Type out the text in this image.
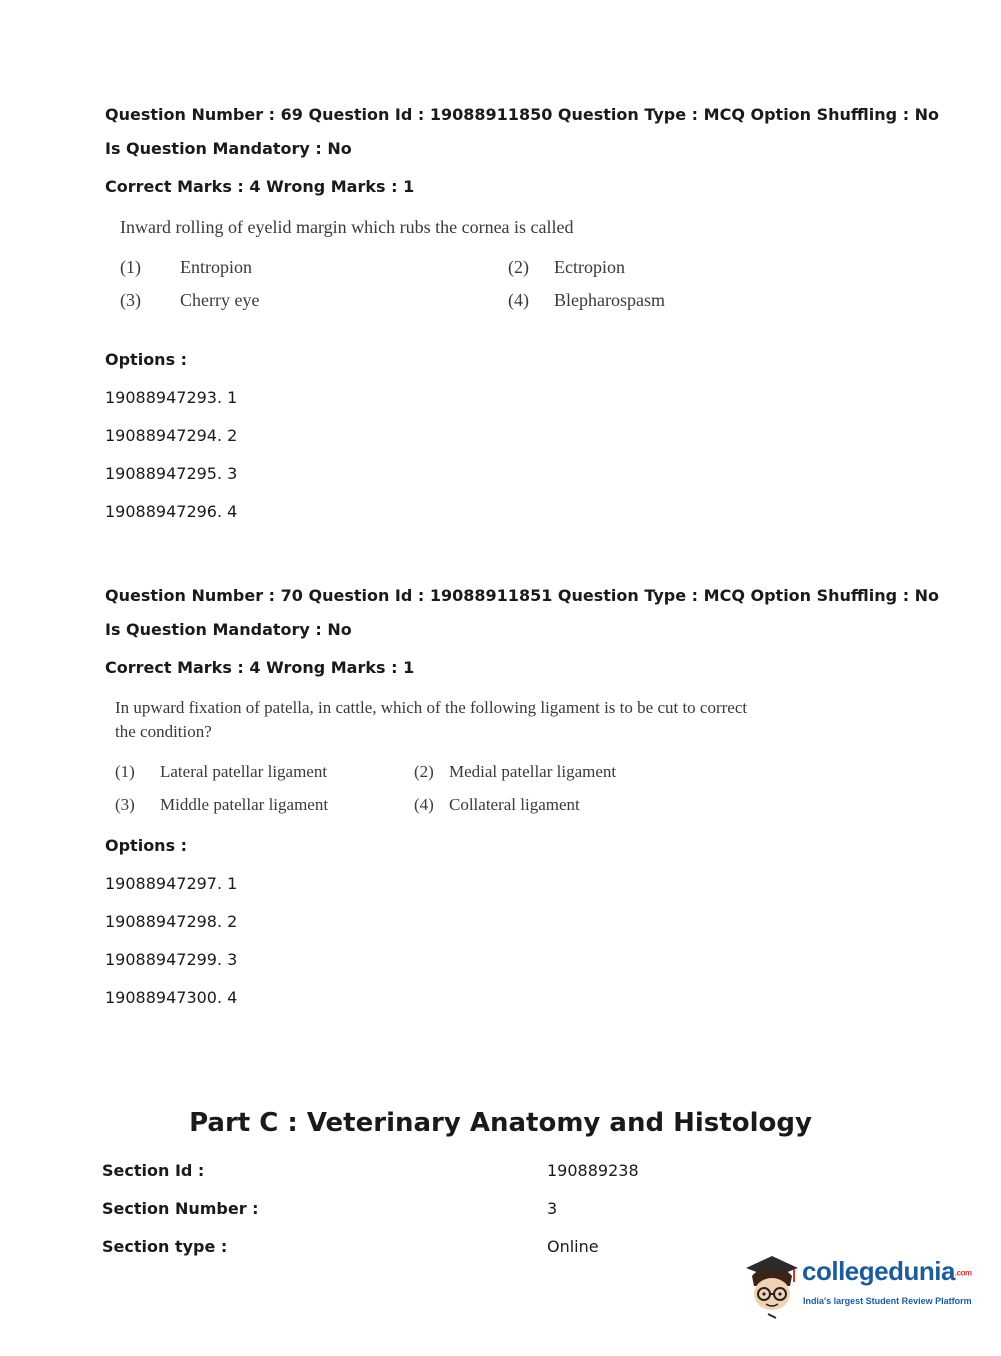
Question Number : 69 Question Id : 19088911850 Question Type : MCQ Option Shuffling : No
Is Question Mandatory : No
Correct Marks : 4 Wrong Marks : 1
Inward rolling of eyelid margin which rubs the cornea is called
(1) Entropion	(2) Ectropion
(3) Cherry eye	(4) Blepharospasm
Options :
19088947293. 1
19088947294. 2
19088947295. 3
19088947296. 4
Question Number : 70 Question Id : 19088911851 Question Type : MCQ Option Shuffling : No
Is Question Mandatory : No
Correct Marks : 4 Wrong Marks : 1
In upward fixation of patella, in cattle, which of the following ligament is to be cut to correct
the condition?
(1) Lateral patellar ligament	(2) Medial patellar ligament
(3) Middle patellar ligament	(4) Collateral ligament
Options :
19088947297. 1
19088947298. 2
19088947299. 3
19088947300. 4
Part C : Veterinary Anatomy and Histology
Section Id :	190889238
Section Number :	3
Section type :	Online
collegedunia.com
India's largest Student Review Platform
